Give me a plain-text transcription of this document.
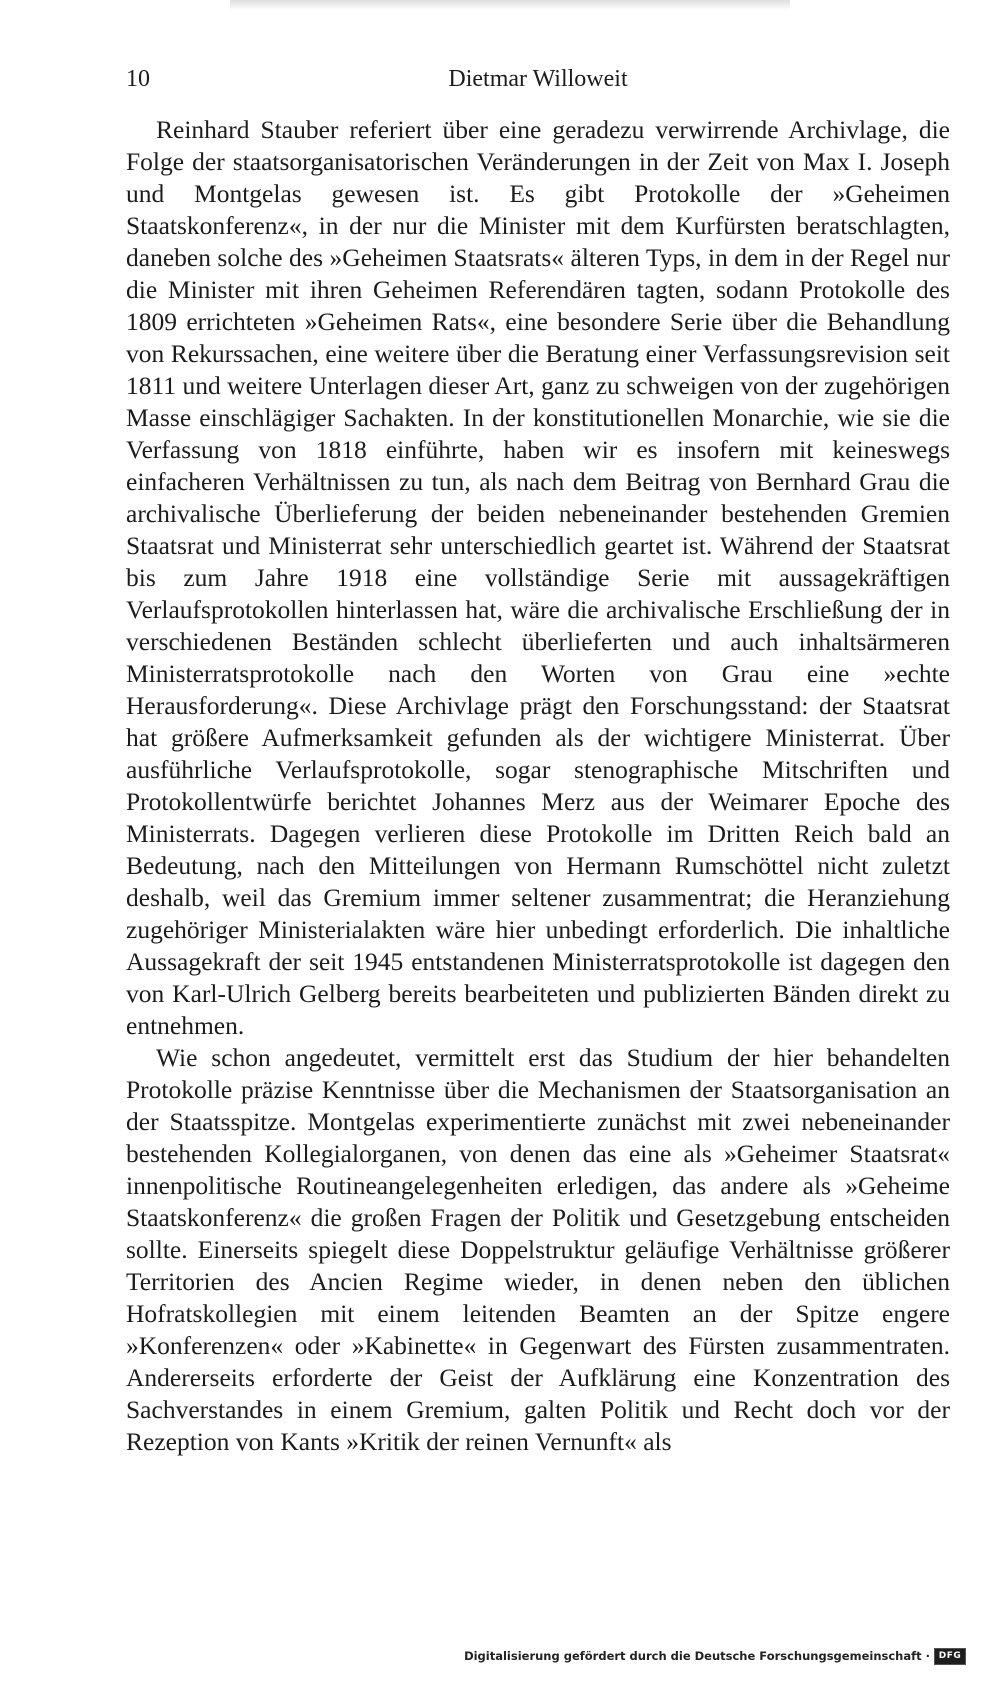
10	Dietmar Willoweit

Reinhard Stauber referiert über eine geradezu verwirrende Archivlage, die Folge der staatsorganisatorischen Veränderungen in der Zeit von Max I. Joseph und Montgelas gewesen ist. Es gibt Protokolle der »Geheimen Staatskonferenz«, in der nur die Minister mit dem Kurfürsten beratschlagten, daneben solche des »Geheimen Staatsrats« älteren Typs, in dem in der Regel nur die Minister mit ihren Geheimen Referendären tagten, sodann Protokolle des 1809 errichteten »Geheimen Rats«, eine besondere Serie über die Behandlung von Rekurssachen, eine weitere über die Beratung einer Verfassungsrevision seit 1811 und weitere Unterlagen dieser Art, ganz zu schweigen von der zugehörigen Masse einschlägiger Sachakten. In der konstitutionellen Monarchie, wie sie die Verfassung von 1818 einführte, haben wir es insofern mit keineswegs einfacheren Verhältnissen zu tun, als nach dem Beitrag von Bernhard Grau die archivalische Überlieferung der beiden nebeneinander bestehenden Gremien Staatsrat und Ministerrat sehr unterschiedlich geartet ist. Während der Staatsrat bis zum Jahre 1918 eine vollständige Serie mit aussagekräftigen Verlaufsprotokollen hinterlassen hat, wäre die archivalische Erschließung der in verschiedenen Beständen schlecht überlieferten und auch inhaltsärmeren Ministerratsprotokolle nach den Worten von Grau eine »echte Herausforderung«. Diese Archivlage prägt den Forschungsstand: der Staatsrat hat größere Aufmerksamkeit gefunden als der wichtigere Ministerrat. Über ausführliche Verlaufsprotokolle, sogar stenographische Mitschriften und Protokollentwürfe berichtet Johannes Merz aus der Weimarer Epoche des Ministerrats. Dagegen verlieren diese Protokolle im Dritten Reich bald an Bedeutung, nach den Mitteilungen von Hermann Rumschöttel nicht zuletzt deshalb, weil das Gremium immer seltener zusammentrat; die Heranziehung zugehöriger Ministerialakten wäre hier unbedingt erforderlich. Die inhaltliche Aussagekraft der seit 1945 entstandenen Ministerratsprotokolle ist dagegen den von Karl-Ulrich Gelberg bereits bearbeiteten und publizierten Bänden direkt zu entnehmen.

Wie schon angedeutet, vermittelt erst das Studium der hier behandelten Protokolle präzise Kenntnisse über die Mechanismen der Staatsorganisation an der Staatsspitze. Montgelas experimentierte zunächst mit zwei nebeneinander bestehenden Kollegialorganen, von denen das eine als »Geheimer Staatsrat« innenpolitische Routineangelegenheiten erledigen, das andere als »Geheime Staatskonferenz« die großen Fragen der Politik und Gesetzgebung entscheiden sollte. Einerseits spiegelt diese Doppelstruktur geläufige Verhältnisse größerer Territorien des Ancien Regime wieder, in denen neben den üblichen Hofratskollegien mit einem leitenden Beamten an der Spitze engere »Konferenzen« oder »Kabinette« in Gegenwart des Fürsten zusammentraten. Andererseits erforderte der Geist der Aufklärung eine Konzentration des Sachverstandes in einem Gremium, galten Politik und Recht doch vor der Rezeption von Kants »Kritik der reinen Vernunft« als

Digitalisierung gefördert durch die Deutsche Forschungsgemeinschaft · DFG
